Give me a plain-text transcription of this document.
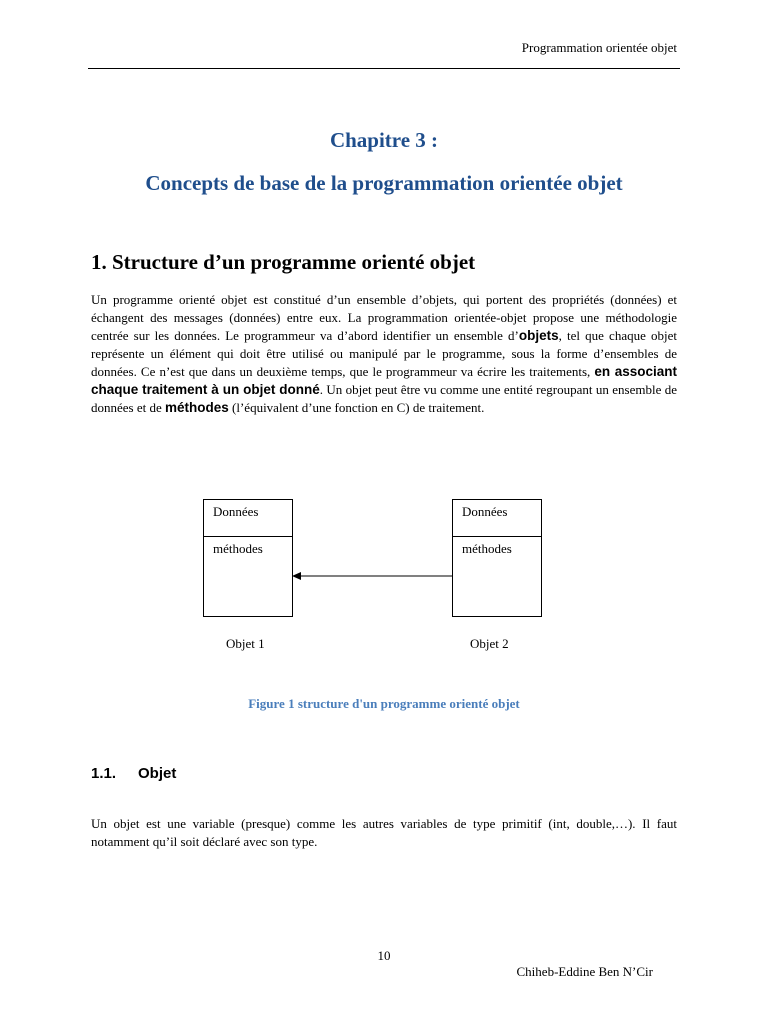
Programmation orientée objet
Chapitre 3 :
Concepts de base de la programmation orientée objet
1. Structure d’un programme orienté objet
Un programme orienté objet est constitué d’un ensemble d’objets, qui portent des propriétés (données) et échangent des messages (données) entre eux. La programmation orientée-objet propose une méthodologie centrée sur les données. Le programmeur va d’abord identifier un ensemble d’objets, tel que chaque objet représente un élément qui doit être utilisé ou manipulé par le programme, sous la forme d’ensembles de données. Ce n’est que dans un deuxième temps, que le programmeur va écrire les traitements, en associant chaque traitement à un objet donné. Un objet peut être vu comme une entité regroupant un ensemble de données et de méthodes (l’équivalent d’une fonction en C) de traitement.
Données
méthodes
Données
méthodes
Objet 1	Objet 2
Figure 1 structure d'un programme orienté objet
1.1. Objet
Un objet est une variable (presque) comme les autres variables de type primitif (int, double,…). Il faut notamment qu’il soit déclaré avec son type.
10
Chiheb-Eddine Ben N’Cir
